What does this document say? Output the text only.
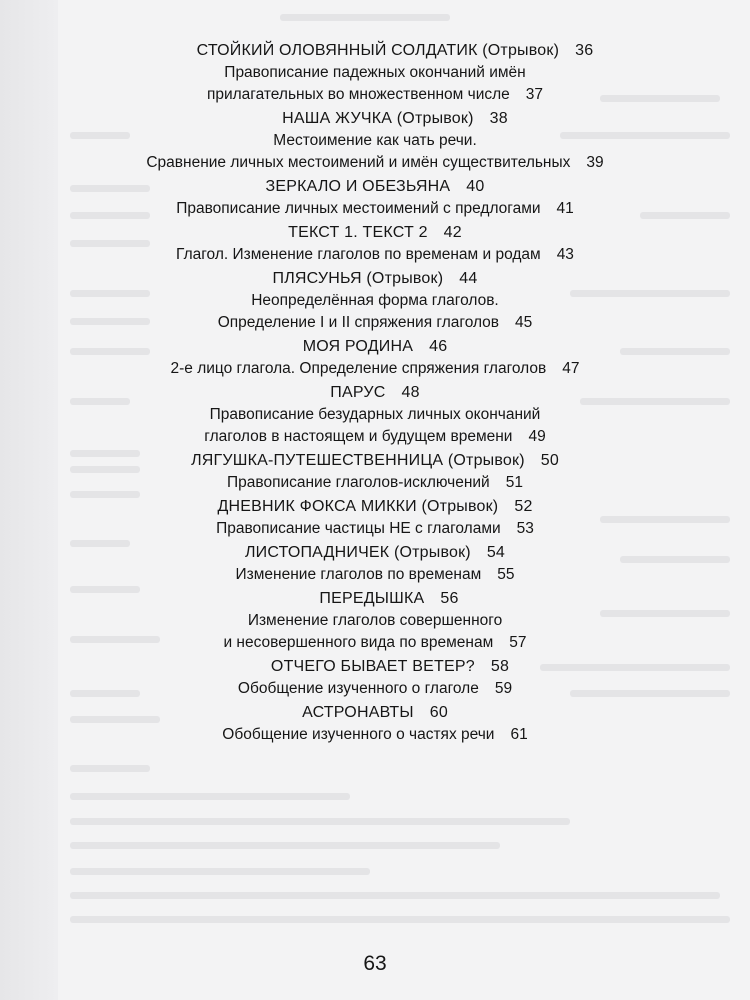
СТОЙКИЙ ОЛОВЯННЫЙ СОЛДАТИК (Отрывок) 36
Правописание падежных окончаний имён
прилагательных во множественном числе 37
НАША ЖУЧКА (Отрывок) 38
Местоимение как чать речи.
Сравнение личных местоимений и имён существительных 39
ЗЕРКАЛО И ОБЕЗЬЯНА 40
Правописание личных местоимений с предлогами 41
ТЕКСТ 1. ТЕКСТ 2 42
Глагол. Изменение глаголов по временам и родам 43
ПЛЯСУНЬЯ (Отрывок) 44
Неопределённая форма глаголов.
Определение I и II спряжения глаголов 45
МОЯ РОДИНА 46
2-е лицо глагола. Определение спряжения глаголов 47
ПАРУС 48
Правописание безударных личных окончаний
глаголов в настоящем и будущем времени 49
ЛЯГУШКА-ПУТЕШЕСТВЕННИЦА (Отрывок) 50
Правописание глаголов-исключений 51
ДНЕВНИК ФОКСА МИККИ (Отрывок) 52
Правописание частицы НЕ с глаголами 53
ЛИСТОПАДНИЧЕК (Отрывок) 54
Изменение глаголов по временам 55
ПЕРЕДЫШКА 56
Изменение глаголов совершенного
и несовершенного вида по временам 57
ОТЧЕГО БЫВАЕТ ВЕТЕР? 58
Обобщение изученного о глаголе 59
АСТРОНАВТЫ 60
Обобщение изученного о частях речи 61
63
